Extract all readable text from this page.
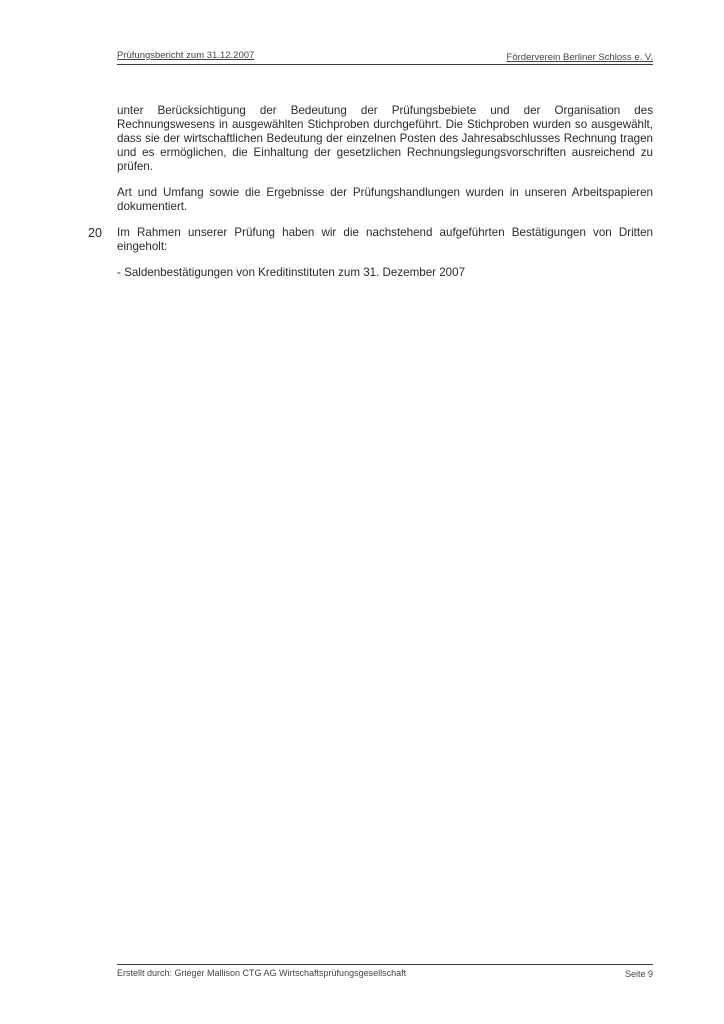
Prüfungsbericht zum 31.12.2007	Förderverein Berliner Schloss e. V.

unter Berücksichtigung der Bedeutung der Prüfungsbebiete und der Organisation des Rechnungswesens in ausgewählten Stichproben durchgeführt. Die Stichproben wurden so ausgewählt, dass sie der wirtschaftlichen Bedeutung der einzelnen Posten des Jahresabschlusses Rechnung tragen und es ermöglichen, die Einhaltung der gesetzlichen Rechnungslegungsvorschriften ausreichend zu prüfen.

Art und Umfang sowie die Ergebnisse der Prüfungshandlungen wurden in unseren Arbeitspapieren dokumentiert.

20 Im Rahmen unserer Prüfung haben wir die nachstehend aufgeführten Bestätigungen von Dritten eingeholt:

- Saldenbestätigungen von Kreditinstituten zum 31. Dezember 2007

Erstellt durch: Grieger Mallison CTG AG Wirtschaftsprüfungsgesellschaft	Seite 9
